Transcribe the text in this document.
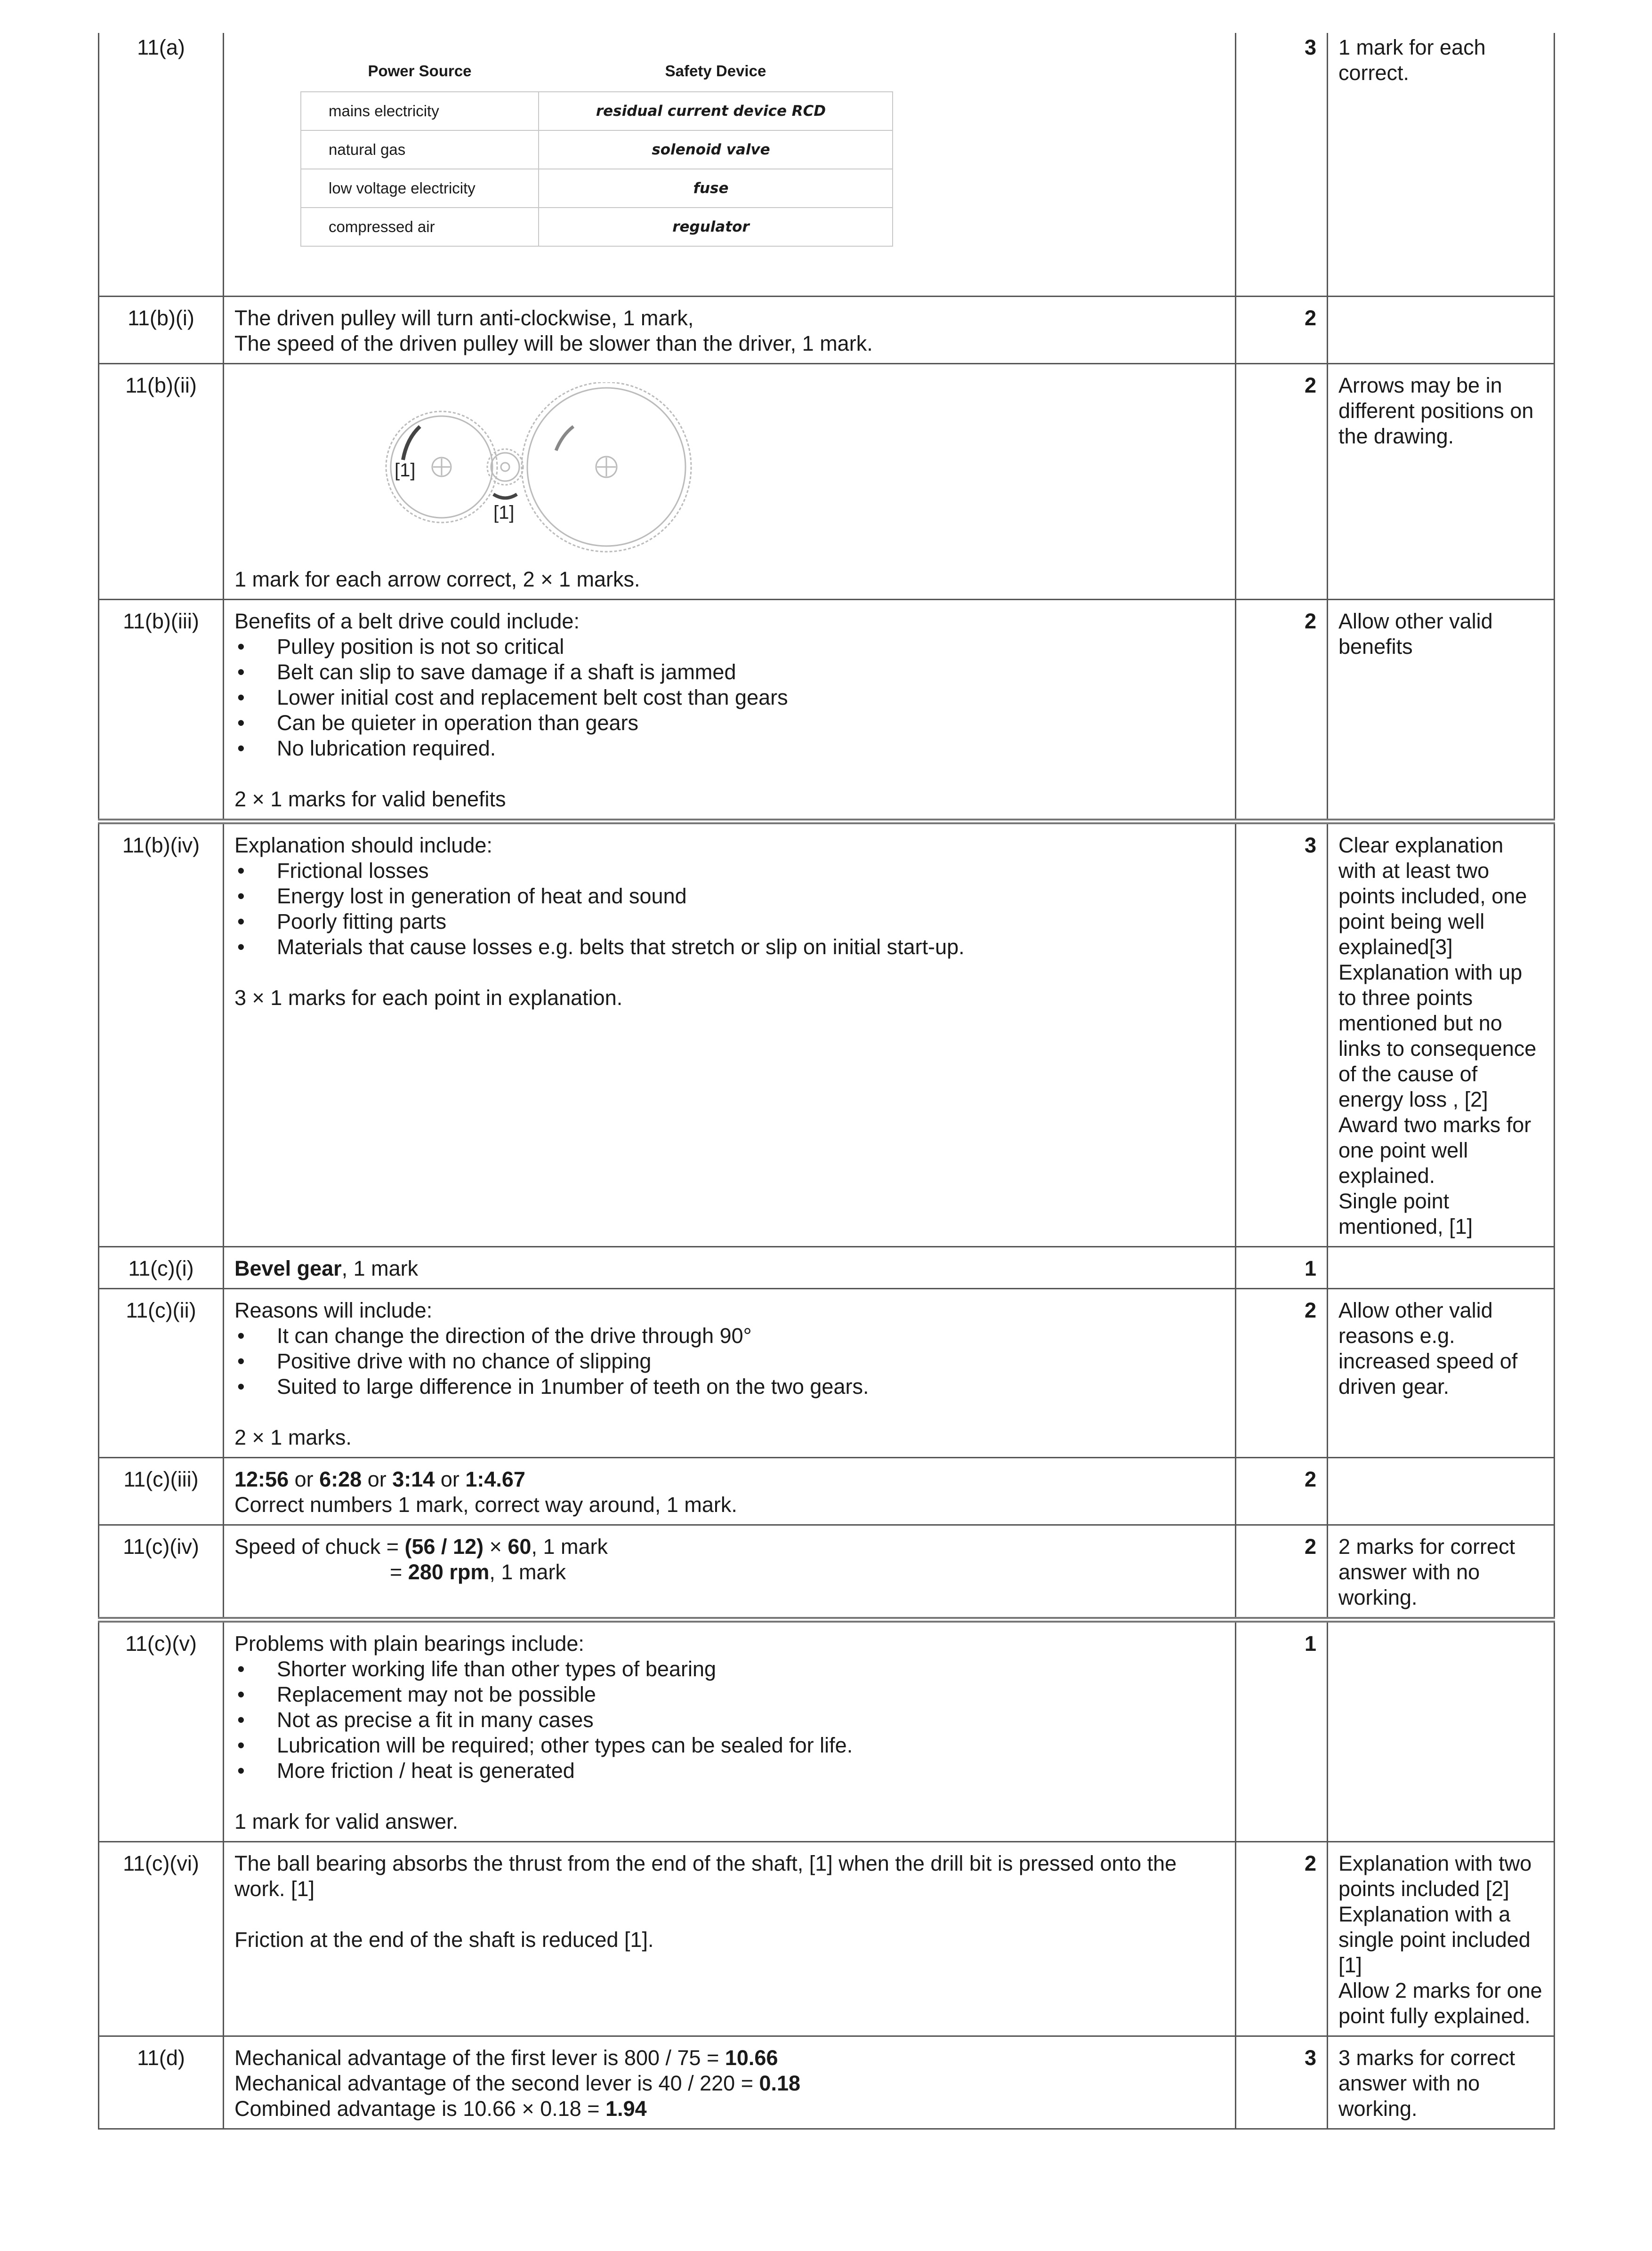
11(a)	
Power Source	Safety Device
mains electricity	residual current device RCD
natural gas	solenoid valve
low voltage electricity	fuse
compressed air	regulator
	3	1 mark for each correct.

11(b)(i)	The driven pulley will turn anti-clockwise, 1 mark,
The speed of the driven pulley will be slower than the driver, 1 mark.
	2	
11(b)(ii)	
[1]
[1]
1 mark for each arrow correct, 2 × 1 marks.
	2	Arrows may be in different positions on the drawing.

11(b)(iii)	Benefits of a belt drive could include:
• Pulley position is not so critical
• Belt can slip to save damage if a shaft is jammed
• Lower initial cost and replacement belt cost than gears
• Can be quieter in operation than gears
• No lubrication required.
2 × 1 marks for valid benefits
	2	Allow other valid benefits

11(b)(iv)	Explanation should include:
• Frictional losses
• Energy lost in generation of heat and sound
• Poorly fitting parts
• Materials that cause losses e.g. belts that stretch or slip on initial start-up.
3 × 1 marks for each point in explanation.
	3	Clear explanation with at least two points included, one point being well explained[3]
Explanation with up to three points mentioned but no links to consequence of the cause of energy loss , [2]
Award two marks for one point well explained.
Single point mentioned, [1]

11(c)(i)	Bevel gear, 1 mark	1	
11(c)(ii)	Reasons will include:
• It can change the direction of the drive through 90°
• Positive drive with no chance of slipping
• Suited to large difference in 1number of teeth on the two gears.
2 × 1 marks.
	2	Allow other valid reasons e.g. increased speed of driven gear.

11(c)(iii)	12:56 or 6:28 or 3:14 or 1:4.67
Correct numbers 1 mark, correct way around, 1 mark.
	2	
11(c)(iv)	Speed of chuck = (56 / 12) × 60, 1 mark
= 280 rpm, 1 mark
	2	2 marks for correct answer with no working.

11(c)(v)	Problems with plain bearings include:
• Shorter working life than other types of bearing
• Replacement may not be possible
• Not as precise a fit in many cases
• Lubrication will be required; other types can be sealed for life.
• More friction / heat is generated
1 mark for valid answer.
	1	
11(c)(vi)	The ball bearing absorbs the thrust from the end of the shaft, [1] when the drill bit is pressed onto the work. [1]
Friction at the end of the shaft is reduced [1].
	2	Explanation with two points included [2]
Explanation with a single point included [1]
Allow 2 marks for one point fully explained.

11(d)	Mechanical advantage of the first lever is 800 / 75 = 10.66
Mechanical advantage of the second lever is 40 / 220 = 0.18
Combined advantage is 10.66 × 0.18 = 1.94
	3	3 marks for correct answer with no working.
